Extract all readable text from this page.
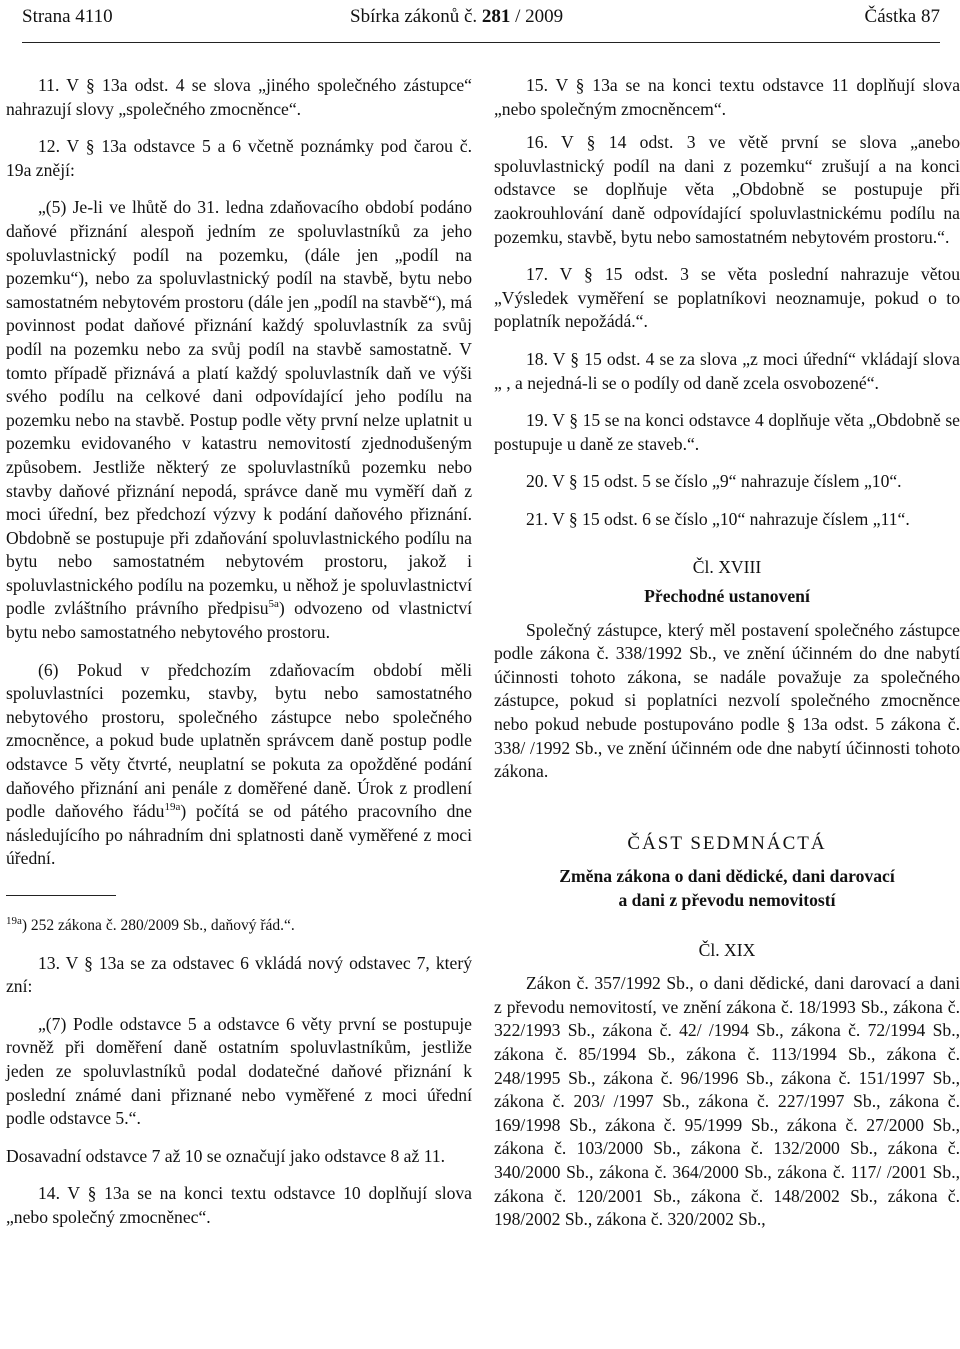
Strana 4110	Sbírka zákonů č. 281 / 2009	Částka 87

11. V § 13a odst. 4 se slova „jiného společného zástupce“ nahrazují slovy „společného zmocněnce“.

12. V § 13a odstavce 5 a 6 včetně poznámky pod čarou č. 19a znějí:

„(5) Je-li ve lhůtě do 31. ledna zdaňovacího období podáno daňové přiznání alespoň jedním ze spoluvlastníků za jeho spoluvlastnický podíl na pozemku, (dále jen „podíl na pozemku“), nebo za spoluvlastnický podíl na stavbě, bytu nebo samostatném nebytovém prostoru (dále jen „podíl na stavbě“), má povinnost podat daňové přiznání každý spoluvlastník za svůj podíl na pozemku nebo za svůj podíl na stavbě samostatně. V tomto případě přiznává a platí každý spoluvlastník daň ve výši svého podílu na celkové dani odpovídající jeho podílu na pozemku nebo na stavbě. Postup podle věty první nelze uplatnit u pozemku evidovaného v katastru nemovitostí zjednodušeným způsobem. Jestliže některý ze spoluvlastníků pozemku nebo stavby daňové přiznání nepodá, správce daně mu vyměří daň z moci úřední, bez předchozí výzvy k podání daňového přiznání. Obdobně se postupuje při zdaňování spoluvlastnického podílu na bytu nebo samostatném nebytovém prostoru, jakož i spoluvlastnického podílu na pozemku, u něhož je spoluvlastnictví podle zvláštního právního předpisu$^{5a}$) odvozeno od vlastnictví bytu nebo samostatného nebytového prostoru.

(6) Pokud v předchozím zdaňovacím období měli spoluvlastníci pozemku, stavby, bytu nebo samostatného nebytového prostoru, společného zástupce nebo společného zmocněnce, a pokud bude uplatněn správcem daně postup podle odstavce 5 věty čtvrté, neuplatní se pokuta za opožděné podání daňového přiznání ani penále z doměřené daně. Úrok z prodlení podle daňového řádu$^{19a}$) počítá se od pátého pracovního dne následujícího po náhradním dni splatnosti daně vyměřené z moci úřední.

$^{19a}$) 252 zákona č. 280/2009 Sb., daňový řád.“.

13. V § 13a se za odstavec 6 vkládá nový odstavec 7, který zní:

„(7) Podle odstavce 5 a odstavce 6 věty první se postupuje rovněž při doměření daně ostatním spoluvlastníkům, jestliže jeden ze spoluvlastníků podal dodatečné daňové přiznání k poslední známé dani přiznané nebo vyměřené z moci úřední podle odstavce 5.“.

Dosavadní odstavce 7 až 10 se označují jako odstavce 8 až 11.

14. V § 13a se na konci textu odstavce 10 doplňují slova „nebo společný zmocněnec“.

15. V § 13a se na konci textu odstavce 11 doplňují slova „nebo společným zmocněncem“.

16. V § 14 odst. 3 ve větě první se slova „anebo spoluvlastnický podíl na dani z pozemku“ zrušují a na konci odstavce se doplňuje věta „Obdobně se postupuje při zaokrouhlování daně odpovídající spoluvlastnickému podílu na pozemku, stavbě, bytu nebo samostatném nebytovém prostoru.“.

17. V § 15 odst. 3 se věta poslední nahrazuje větou „Výsledek vyměření se poplatníkovi neoznamuje, pokud o to poplatník nepožádá.“.

18. V § 15 odst. 4 se za slova „z moci úřední“ vkládají slova „ , a nejedná-li se o podíly od daně zcela osvobozené“.

19. V § 15 se na konci odstavce 4 doplňuje věta „Obdobně se postupuje u daně ze staveb.“.

20. V § 15 odst. 5 se číslo „9“ nahrazuje číslem „10“.

21. V § 15 odst. 6 se číslo „10“ nahrazuje číslem „11“.

Čl. XVIII

Přechodné ustanovení

Společný zástupce, který měl postavení společného zástupce podle zákona č. 338/1992 Sb., ve znění účinném do dne nabytí účinnosti tohoto zákona, se nadále považuje za společného zástupce, pokud si poplatníci nezvolí společného zmocněnce nebo pokud nebude postupováno podle § 13a odst. 5 zákona č. 338/ /1992 Sb., ve znění účinném ode dne nabytí účinnosti tohoto zákona.

ČÁST SEDMNÁCTÁ

Změna zákona o dani dědické, dani darovací

a dani z převodu nemovitostí

Čl. XIX

Zákon č. 357/1992 Sb., o dani dědické, dani darovací a dani z převodu nemovitostí, ve znění zákona č. 18/1993 Sb., zákona č. 322/1993 Sb., zákona č. 42/ /1994 Sb., zákona č. 72/1994 Sb., zákona č. 85/1994 Sb., zákona č. 113/1994 Sb., zákona č. 248/1995 Sb., zákona č. 96/1996 Sb., zákona č. 151/1997 Sb., zákona č. 203/ /1997 Sb., zákona č. 227/1997 Sb., zákona č. 169/1998 Sb., zákona č. 95/1999 Sb., zákona č. 27/2000 Sb., zákona č. 103/2000 Sb., zákona č. 132/2000 Sb., zákona č. 340/2000 Sb., zákona č. 364/2000 Sb., zákona č. 117/ /2001 Sb., zákona č. 120/2001 Sb., zákona č. 148/2002 Sb., zákona č. 198/2002 Sb., zákona č. 320/2002 Sb.,
